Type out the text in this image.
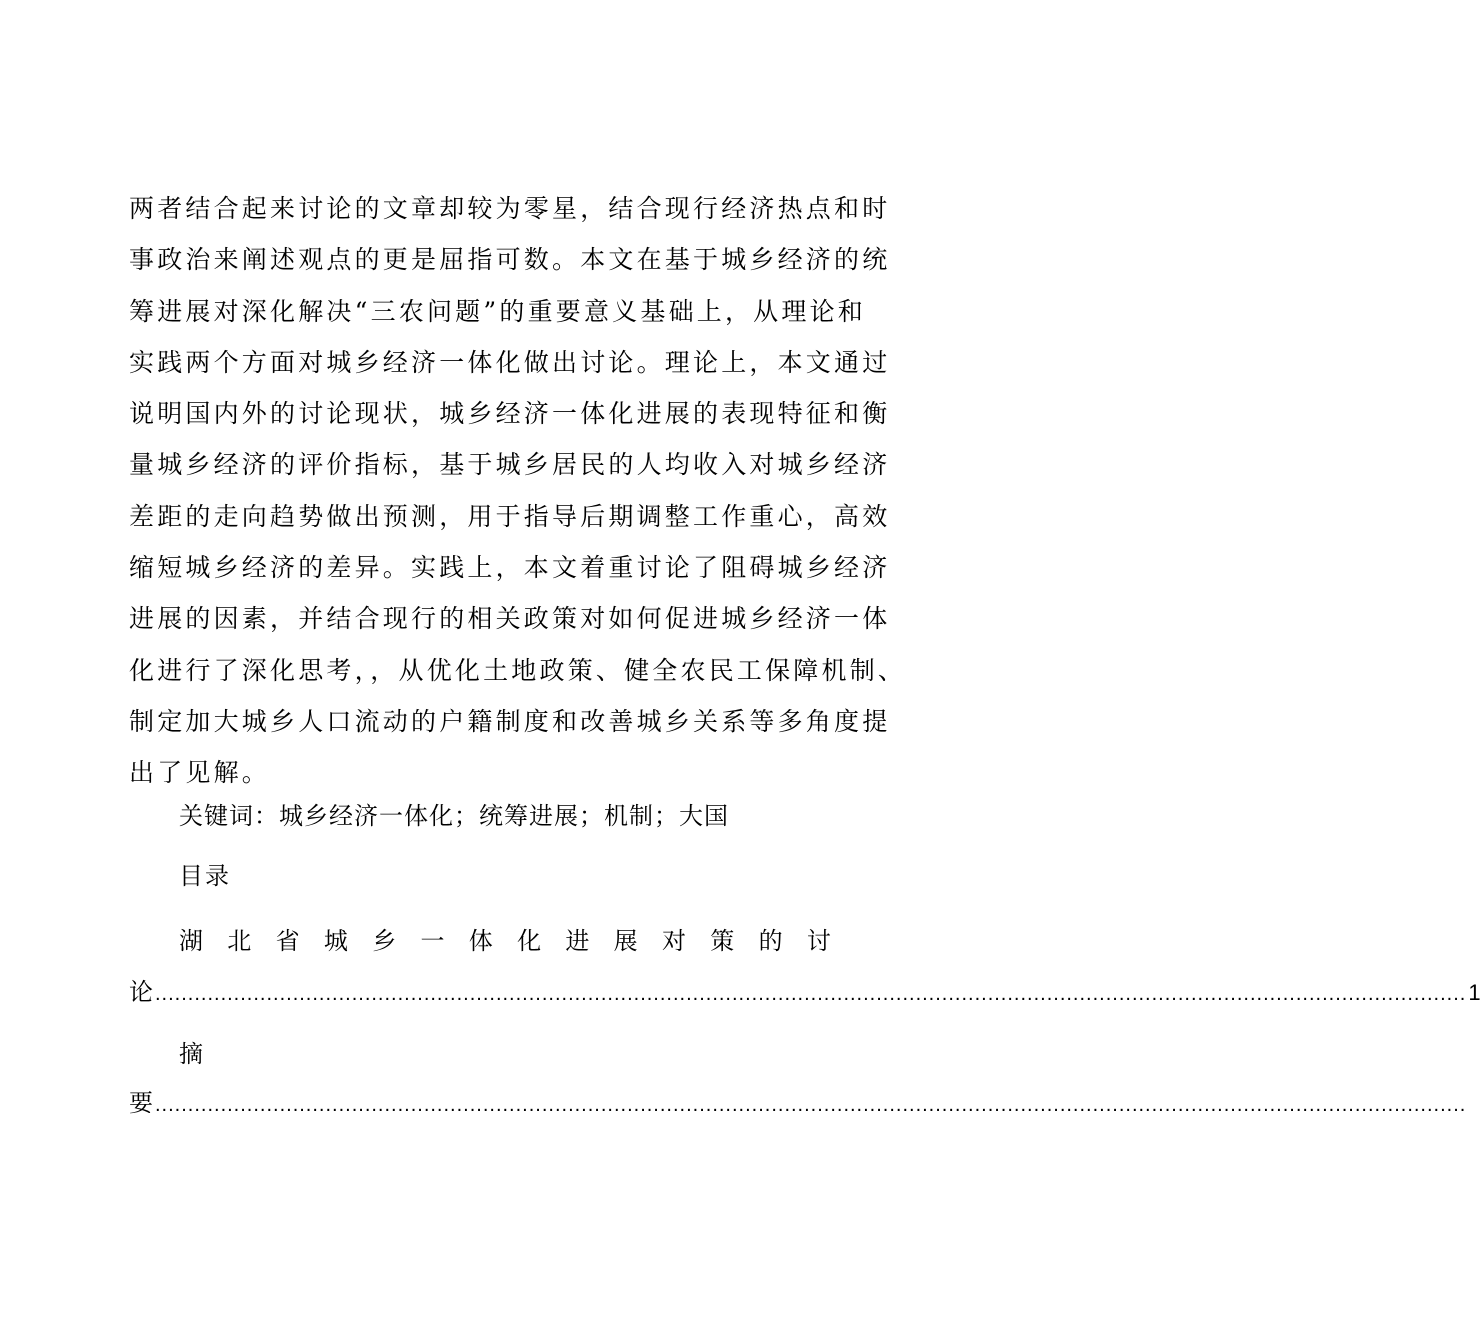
两者结合起来讨论的文章却较为零星，结合现行经济热点和时
事政治来阐述观点的更是屈指可数。本文在基于城乡经济的统
筹进展对深化解决“三农问题”的重要意义基础上，从理论和
实践两个方面对城乡经济一体化做出讨论。理论上，本文通过
说明国内外的讨论现状，城乡经济一体化进展的表现特征和衡
量城乡经济的评价指标，基于城乡居民的人均收入对城乡经济
差距的走向趋势做出预测，用于指导后期调整工作重心，高效
缩短城乡经济的差异。实践上，本文着重讨论了阻碍城乡经济
进展的因素，并结合现行的相关政策对如何促进城乡经济一体
化进行了深化思考，，从优化土地政策、健全农民工保障机制、
制定加大城乡人口流动的户籍制度和改善城乡关系等多角度提
出了见解。
关键词：城乡经济一体化；统筹进展；机制；大国
目录
湖 北 省 城 乡 一 体 化 进 展 对 策 的 讨
论 ........................................................................................................................................................................................................ 1
摘
要 ........................................................................................................................................................................................................
